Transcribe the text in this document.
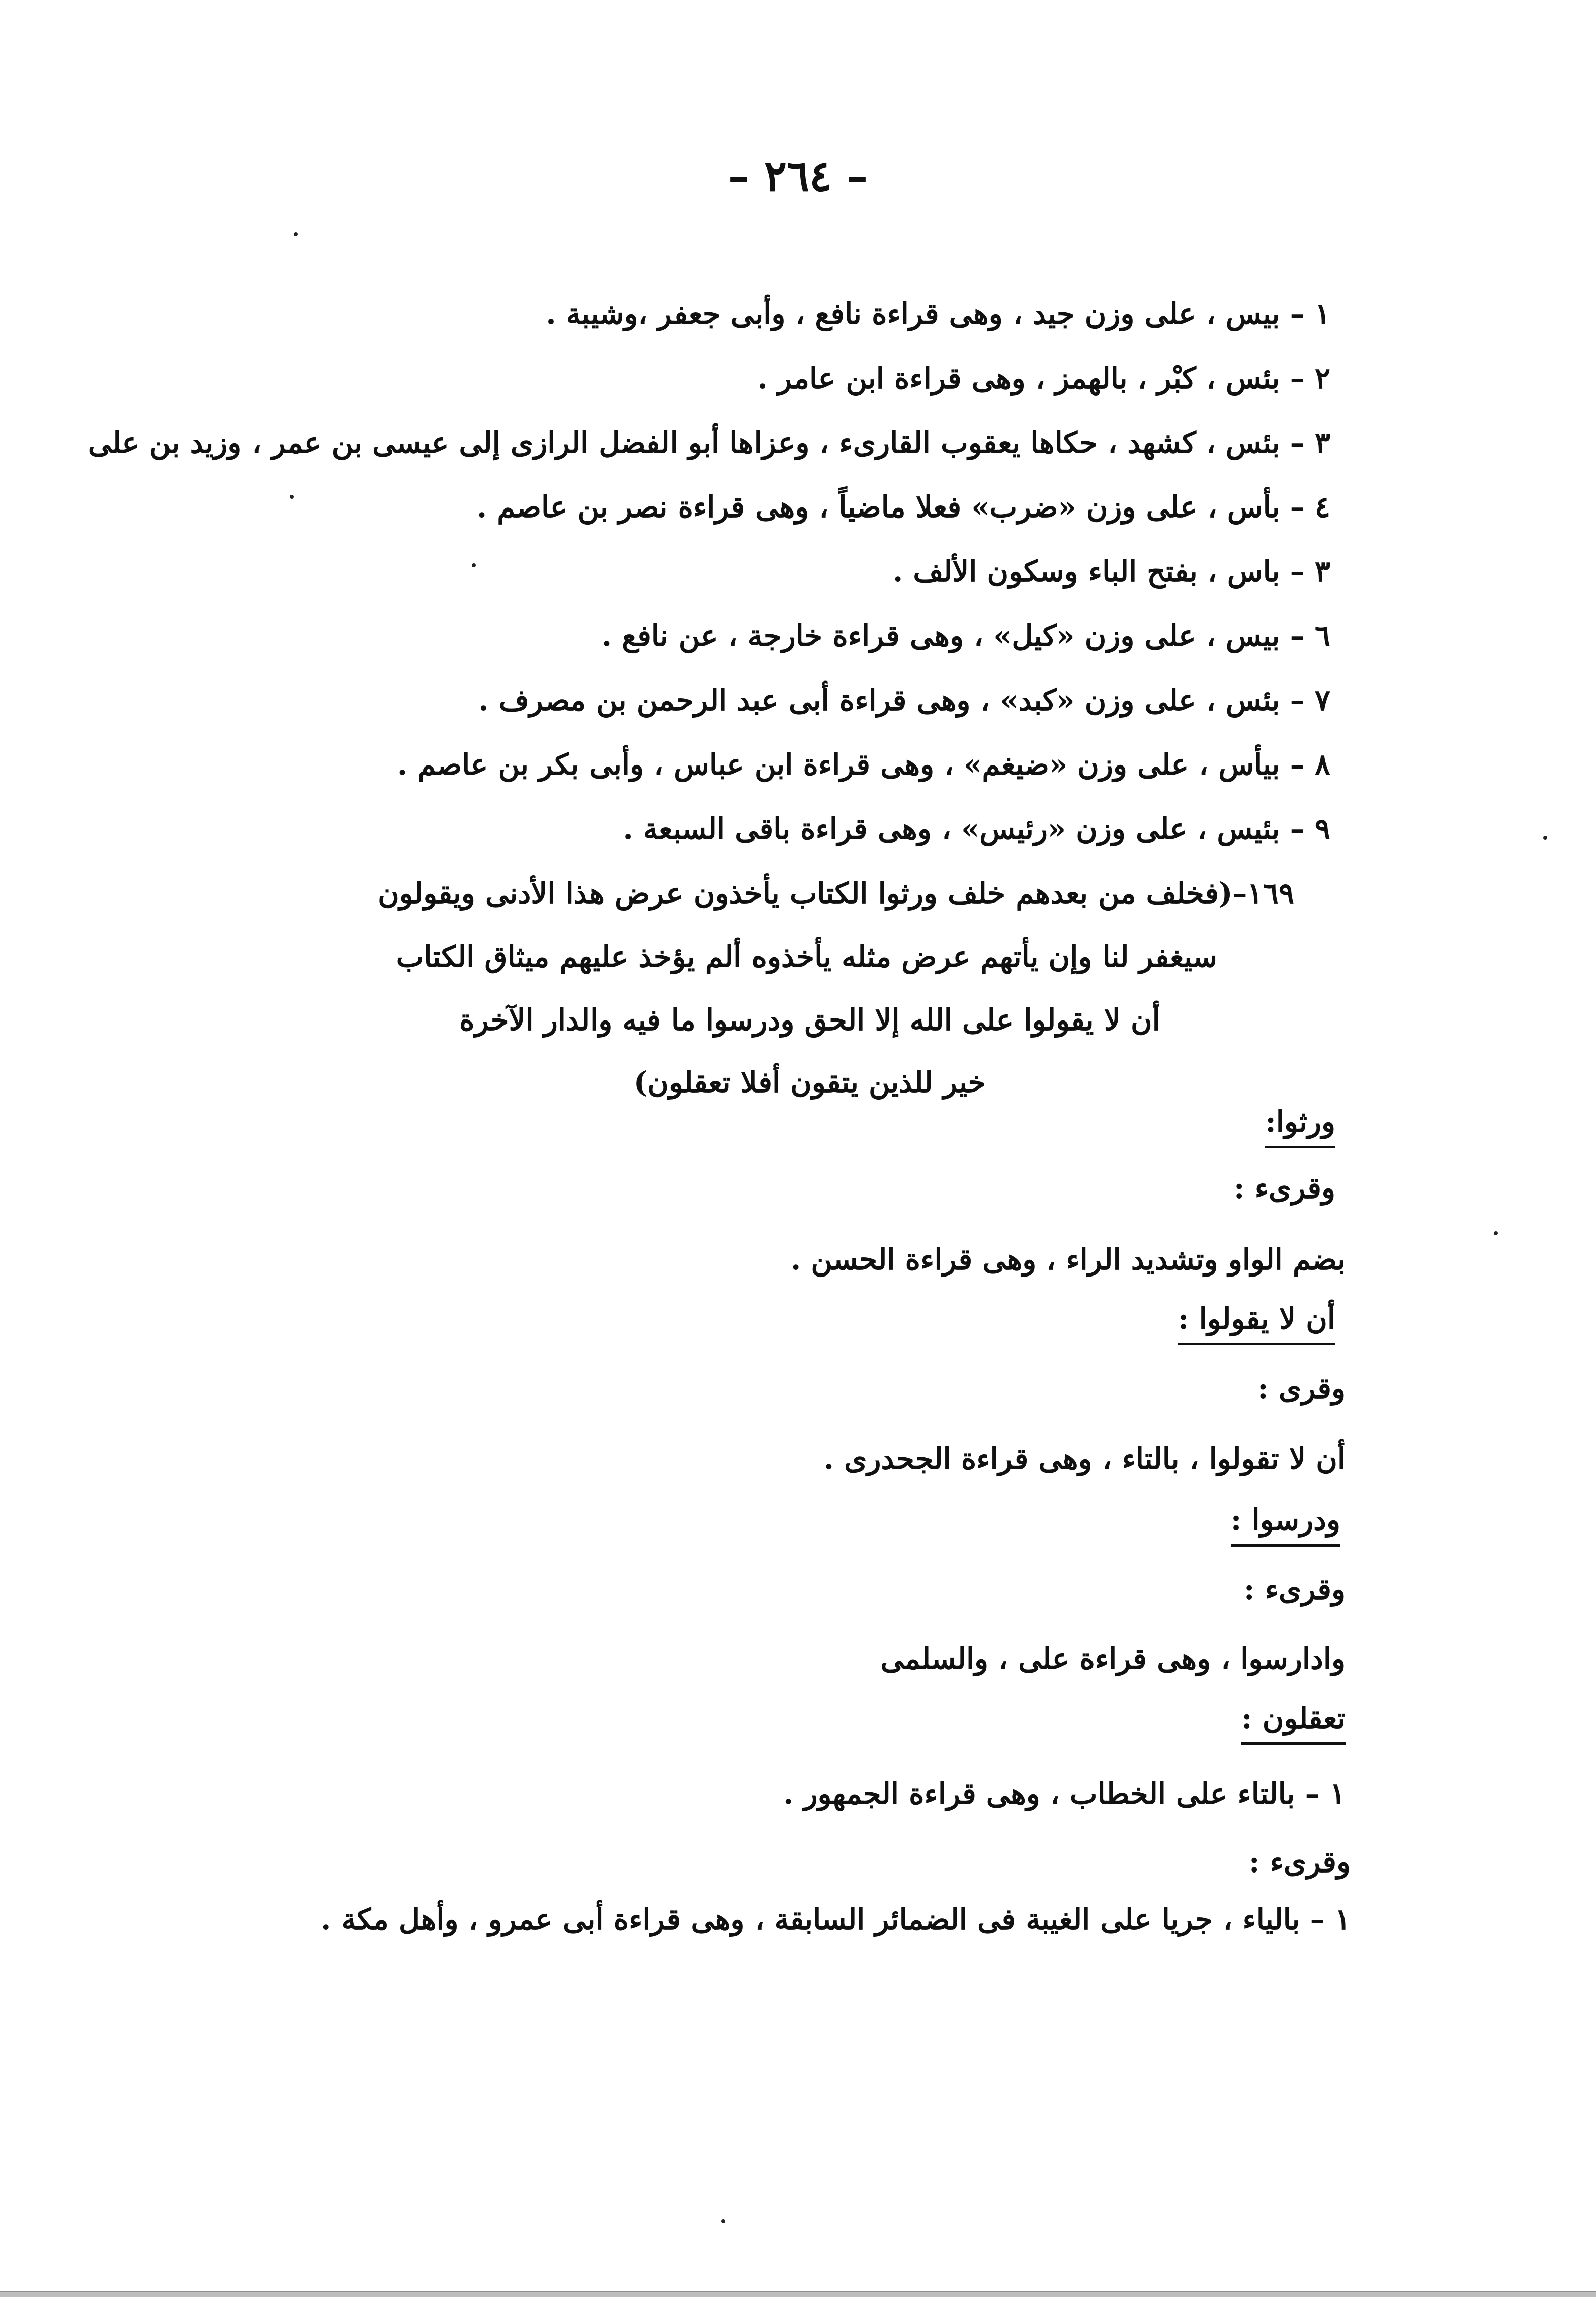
– ٢٦٤ –
١ – بيس ، على وزن جيد ، وهى قراءة نافع ، وأبى جعفر ،وشيبة .
٢ – بئس ، كبْر ، بالهمز ، وهى قراءة ابن عامر .
٣ – بئس ، كشهد ، حكاها يعقوب القارىء ، وعزاها أبو الفضل الرازى إلى عيسى بن عمر ، وزيد بن على
٤ – بأس ، على وزن «ضرب» فعلا ماضياً ، وهى قراءة نصر بن عاصم .
٣ – باس ، بفتح الباء وسكون الألف .
٦ – بيس ، على وزن «كيل» ، وهى قراءة خارجة ، عن نافع .
٧ – بئس ، على وزن «كبد» ، وهى قراءة أبى عبد الرحمن بن مصرف .
٨ – بيأس ، على وزن «ضيغم» ، وهى قراءة ابن عباس ، وأبى بكر بن عاصم .
٩ – بئيس ، على وزن «رئيس» ، وهى قراءة باقى السبعة .
١٦٩–(فخلف من بعدهم خلف ورثوا الكتاب يأخذون عرض هذا الأدنى ويقولون
سيغفر لنا وإن يأتهم عرض مثله يأخذوه ألم يؤخذ عليهم ميثاق الكتاب
أن لا يقولوا على الله إلا الحق ودرسوا ما فيه والدار الآخرة
خير للذين يتقون أفلا تعقلون)
ورثوا:
وقرىء :
بضم الواو وتشديد الراء ، وهى قراءة الحسن .
أن لا يقولوا :
وقرى :
أن لا تقولوا ، بالتاء ، وهى قراءة الجحدرى .
ودرسوا :
وقرىء :
وادارسوا ، وهى قراءة على ، والسلمى
تعقلون :
١ – بالتاء على الخطاب ، وهى قراءة الجمهور .
وقرىء :
١ – بالياء ، جريا على الغيبة فى الضمائر السابقة ، وهى قراءة أبى عمرو ، وأهل مكة .
